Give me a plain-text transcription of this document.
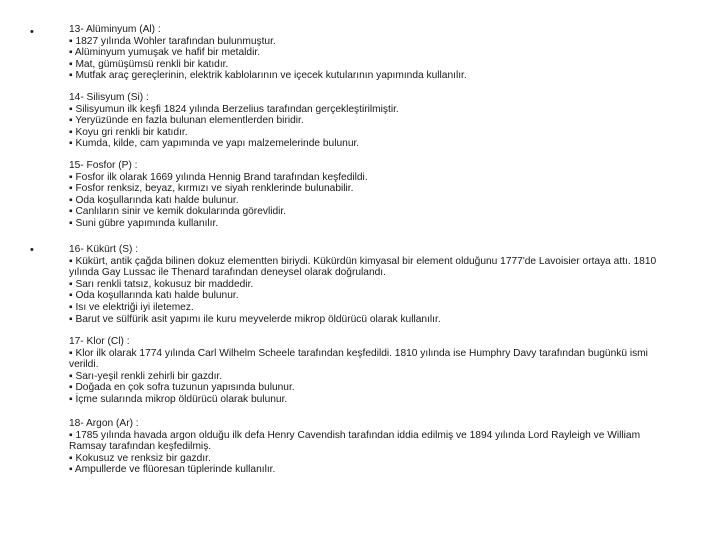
•
•

13- Alüminyum (Al) :

▪ 1827 yılında Wohler tarafından bulunmuştur.

▪ Alüminyum yumuşak ve hafif bir metaldir.

▪ Mat, gümüşümsü renkli bir katıdır.

▪ Mutfak araç gereçlerinin, elektrik kablolarının ve içecek kutularının yapımında kullanılır.

14- Silisyum (Si) :

▪ Silisyumun ilk keşfi 1824 yılında Berzelius tarafından gerçekleştirilmiştir.

▪ Yeryüzünde en fazla bulunan elementlerden biridir.

▪ Koyu gri renkli bir katıdır.

▪ Kumda, kilde, cam yapımında ve yapı malzemelerinde bulunur.

15- Fosfor (P) :

▪ Fosfor ilk olarak 1669 yılında Hennig Brand tarafından keşfedildi.

▪ Fosfor renksiz, beyaz, kırmızı ve siyah renklerinde bulunabilir.

▪ Oda koşullarında katı halde bulunur.

▪ Canlıların sinir ve kemik dokularında görevlidir.

▪ Suni gübre yapımında kullanılır.

16- Kükürt (S) :

▪ Kükürt, antik çağda bilinen dokuz elementten biriydi. Kükürdün kimyasal bir element olduğunu 1777'de Lavoisier ortaya attı. 1810 yılında Gay Lussac ile Thenard tarafından deneysel olarak doğrulandı.

▪ Sarı renkli tatsız, kokusuz bir maddedir.

▪ Oda koşullarında katı halde bulunur.

▪ Isı ve elektriği iyi iletemez.

▪ Barut ve sülfürik asit yapımı ile kuru meyvelerde mikrop öldürücü olarak kullanılır.

17- Klor (Cl) :

▪ Klor ilk olarak 1774 yılında Carl Wilhelm Scheele tarafından keşfedildi. 1810 yılında ise Humphry Davy tarafından bugünkü ismi verildi.

▪ Sarı-yeşil renkli zehirli bir gazdır.

▪ Doğada en çok sofra tuzunun yapısında bulunur.

▪ İçme sularında mikrop öldürücü olarak bulunur.

18- Argon (Ar) :

▪ 1785 yılında havada argon olduğu ilk defa Henry Cavendish tarafından iddia edilmiş ve 1894 yılında Lord Rayleigh ve William Ramsay tarafından keşfedilmiş.

▪ Kokusuz ve renksiz bir gazdır.

▪ Ampullerde ve flüoresan tüplerinde kullanılır.
